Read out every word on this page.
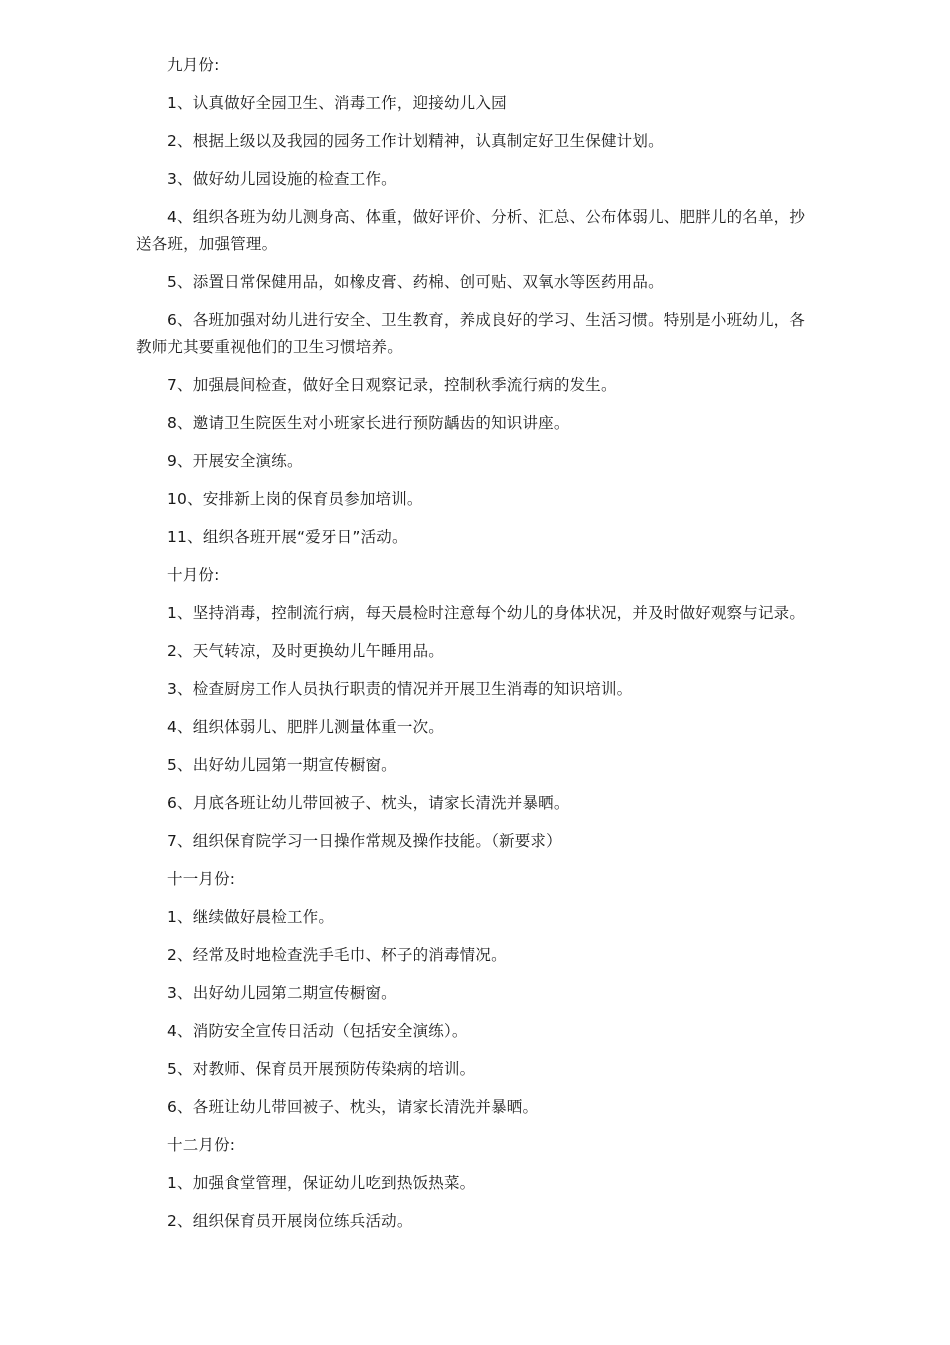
九月份:

1、认真做好全园卫生、消毒工作，迎接幼儿入园

2、根据上级以及我园的园务工作计划精神，认真制定好卫生保健计划。

3、做好幼儿园设施的检查工作。

4、组织各班为幼儿测身高、体重，做好评价、分析、汇总、公布体弱儿、肥胖儿的名单，抄送各班，加强管理。

5、添置日常保健用品，如橡皮膏、药棉、创可贴、双氧水等医药用品。

6、各班加强对幼儿进行安全、卫生教育，养成良好的学习、生活习惯。特别是小班幼儿，各教师尤其要重视他们的卫生习惯培养。

7、加强晨间检查，做好全日观察记录，控制秋季流行病的发生。

8、邀请卫生院医生对小班家长进行预防龋齿的知识讲座。

9、开展安全演练。

10、安排新上岗的保育员参加培训。

11、组织各班开展“爱牙日”活动。

十月份:

1、坚持消毒，控制流行病，每天晨检时注意每个幼儿的身体状况，并及时做好观察与记录。

2、天气转凉，及时更换幼儿午睡用品。

3、检查厨房工作人员执行职责的情况并开展卫生消毒的知识培训。

4、组织体弱儿、肥胖儿测量体重一次。

5、出好幼儿园第一期宣传橱窗。

6、月底各班让幼儿带回被子、枕头，请家长清洗并暴晒。

7、组织保育院学习一日操作常规及操作技能。（新要求）

十一月份:

1、继续做好晨检工作。

2、经常及时地检查洗手毛巾、杯子的消毒情况。

3、出好幼儿园第二期宣传橱窗。

4、消防安全宣传日活动（包括安全演练）。

5、对教师、保育员开展预防传染病的培训。

6、各班让幼儿带回被子、枕头，请家长清洗并暴晒。

十二月份:

1、加强食堂管理，保证幼儿吃到热饭热菜。

2、组织保育员开展岗位练兵活动。
